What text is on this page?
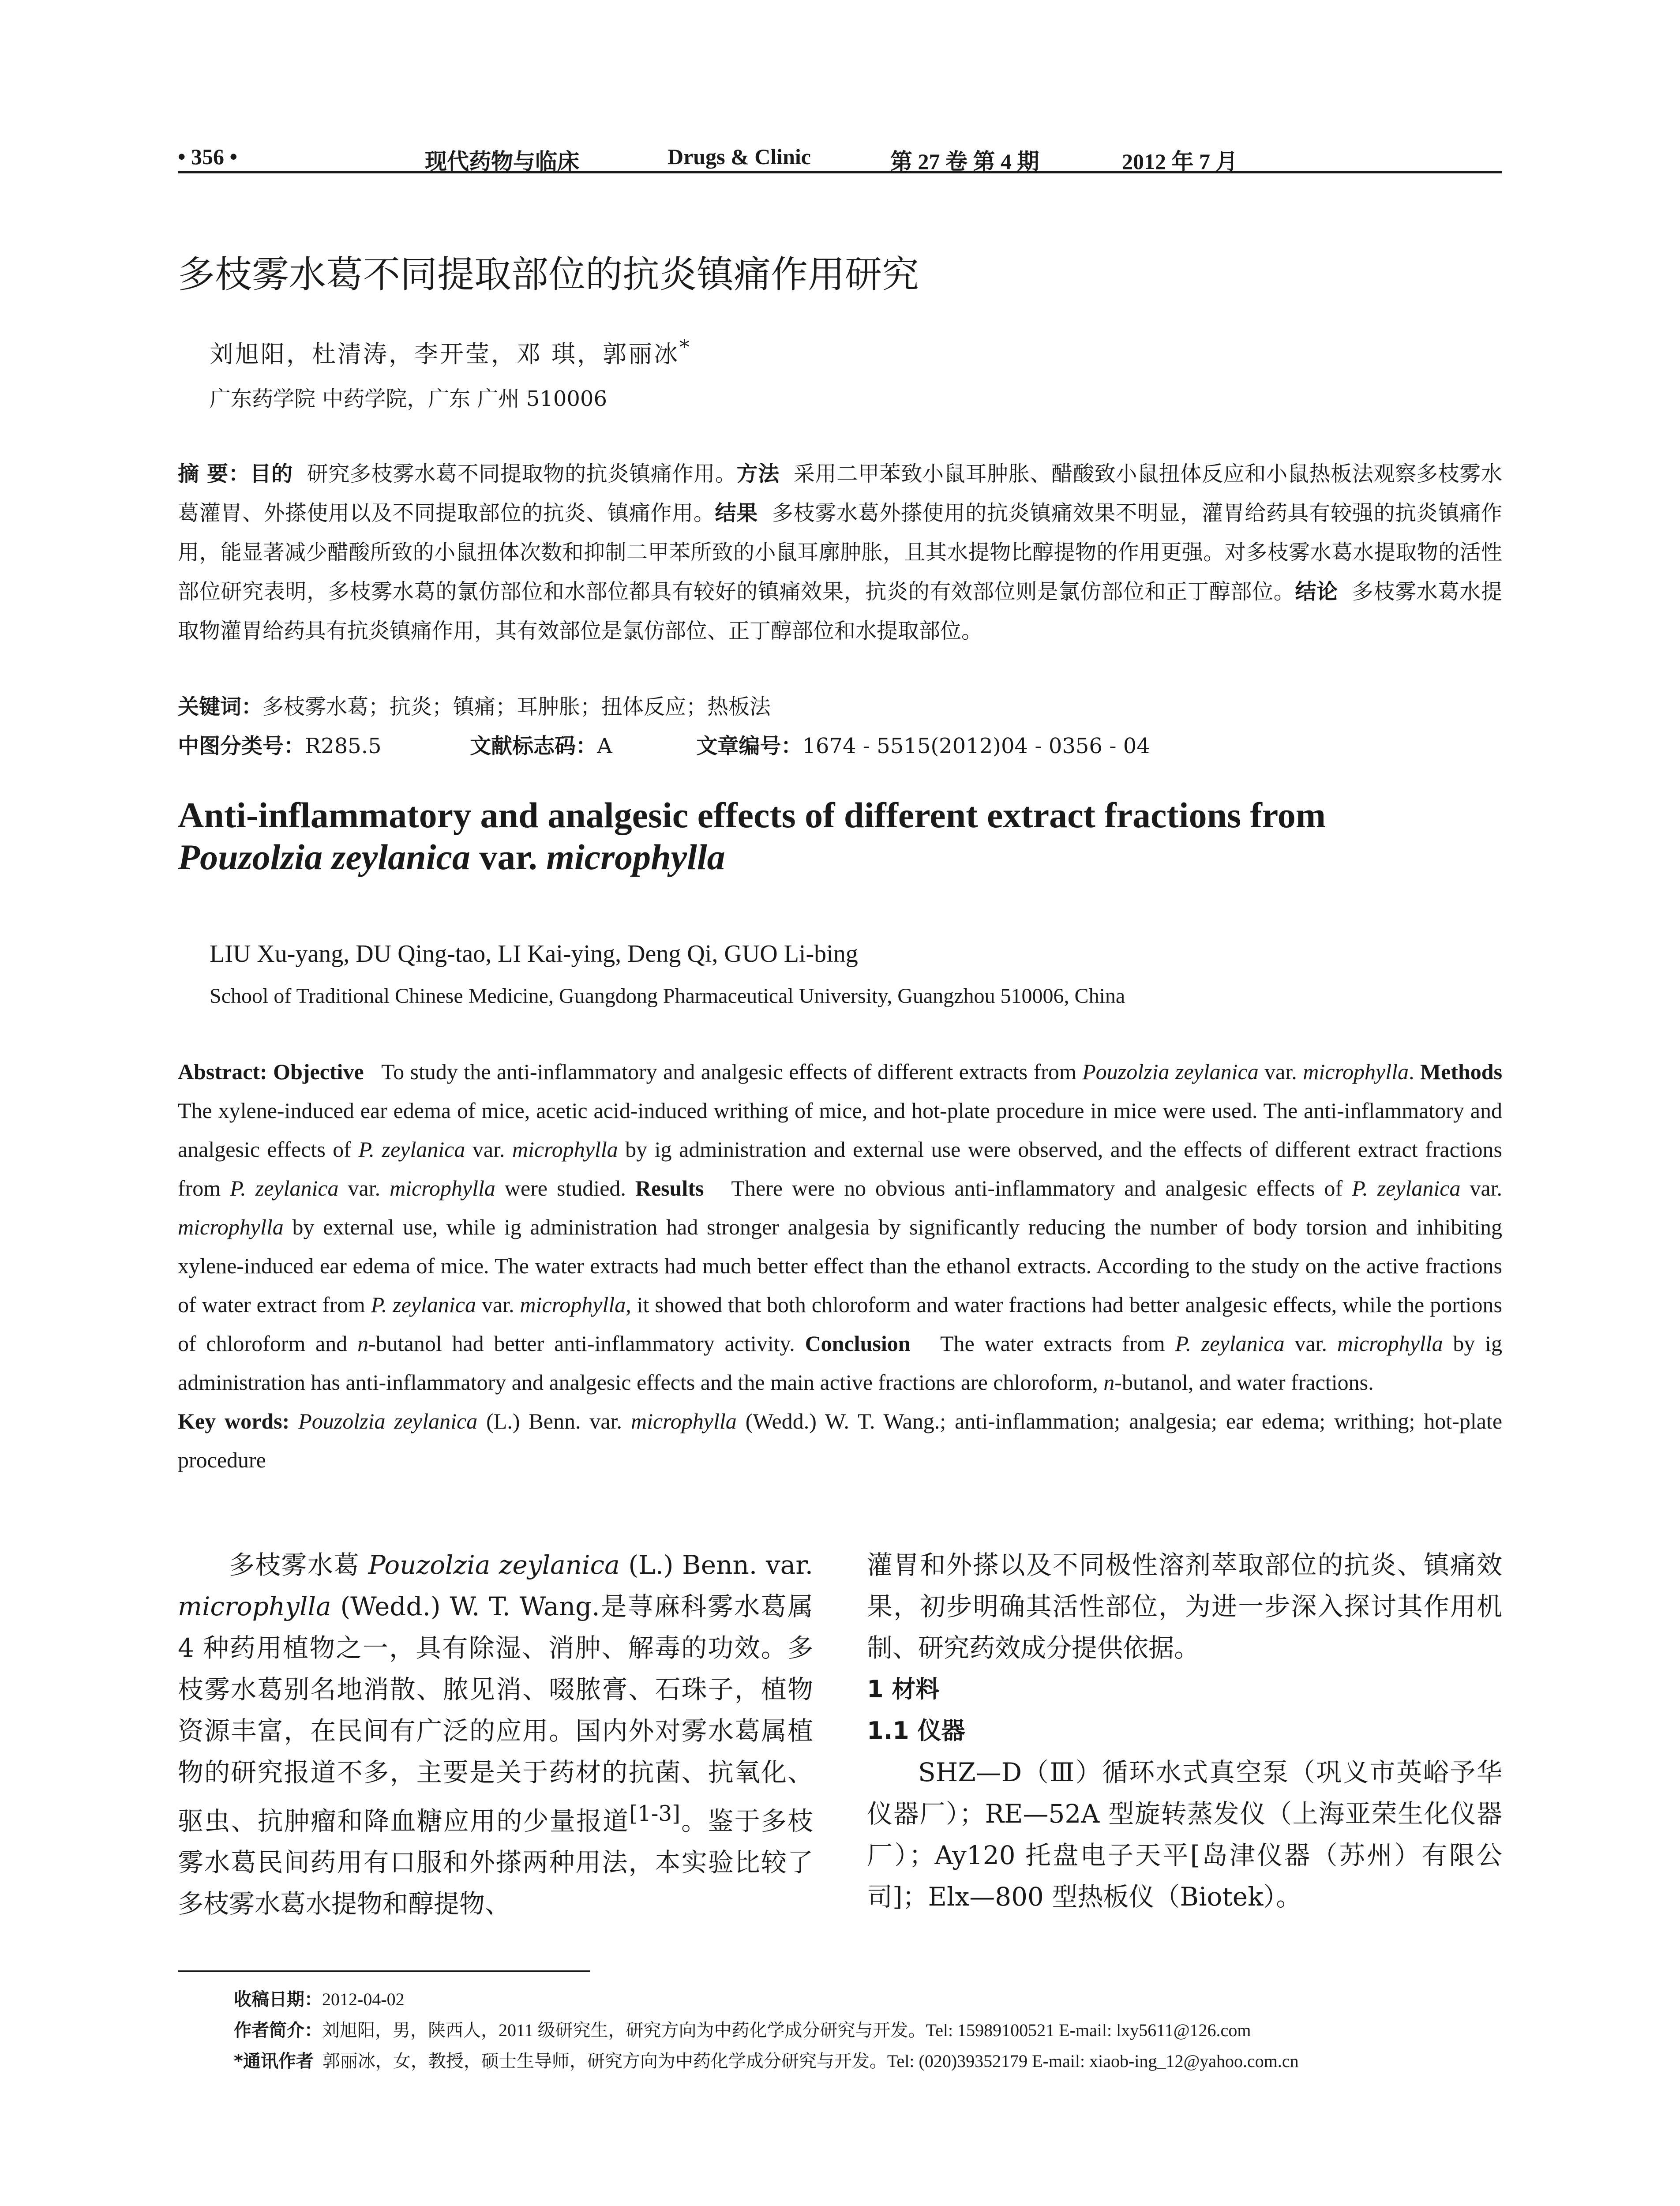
• 356 •	现代药物与临床	Drugs & Clinic	第 27 卷 第 4 期	2012 年 7 月
多枝雾水葛不同提取部位的抗炎镇痛作用研究
刘旭阳，杜清涛，李开莹，邓 琪，郭丽冰*
广东药学院 中药学院，广东 广州 510006
摘 要：目的 研究多枝雾水葛不同提取物的抗炎镇痛作用。方法 采用二甲苯致小鼠耳肿胀、醋酸致小鼠扭体反应和小鼠热板法观察多枝雾水葛灌胃、外搽使用以及不同提取部位的抗炎、镇痛作用。结果 多枝雾水葛外搽使用的抗炎镇痛效果不明显，灌胃给药具有较强的抗炎镇痛作用，能显著减少醋酸所致的小鼠扭体次数和抑制二甲苯所致的小鼠耳廓肿胀，且其水提物比醇提物的作用更强。对多枝雾水葛水提取物的活性部位研究表明，多枝雾水葛的氯仿部位和水部位都具有较好的镇痛效果，抗炎的有效部位则是氯仿部位和正丁醇部位。结论 多枝雾水葛水提取物灌胃给药具有抗炎镇痛作用，其有效部位是氯仿部位、正丁醇部位和水提取部位。
关键词：多枝雾水葛；抗炎；镇痛；耳肿胀；扭体反应；热板法
中图分类号：R285.5	文献标志码：A	文章编号：1674 - 5515(2012)04 - 0356 - 04
Anti-inflammatory and analgesic effects of different extract fractions from
Pouzolzia zeylanica var. microphylla
LIU Xu-yang, DU Qing-tao, LI Kai-ying, Deng Qi, GUO Li-bing
School of Traditional Chinese Medicine, Guangdong Pharmaceutical University, Guangzhou 510006, China
Abstract: Objective To study the anti-inflammatory and analgesic effects of different extracts from Pouzolzia zeylanica var. microphylla. Methods The xylene-induced ear edema of mice, acetic acid-induced writhing of mice, and hot-plate procedure in mice were used. The anti-inflammatory and analgesic effects of P. zeylanica var. microphylla by ig administration and external use were observed, and the effects of different extract fractions from P. zeylanica var. microphylla were studied. Results There were no obvious anti-inflammatory and analgesic effects of P. zeylanica var. microphylla by external use, while ig administration had stronger analgesia by significantly reducing the number of body torsion and inhibiting xylene-induced ear edema of mice. The water extracts had much better effect than the ethanol extracts. According to the study on the active fractions of water extract from P. zeylanica var. microphylla, it showed that both chloroform and water fractions had better analgesic effects, while the portions of chloroform and n-butanol had better anti-inflammatory activity. Conclusion The water extracts from P. zeylanica var. microphylla by ig administration has anti-inflammatory and analgesic effects and the main active fractions are chloroform, n-butanol, and water fractions.
Key words: Pouzolzia zeylanica (L.) Benn. var. microphylla (Wedd.) W. T. Wang.; anti-inflammation; analgesia; ear edema; writhing; hot-plate procedure

多枝雾水葛 Pouzolzia zeylanica (L.) Benn. var. microphylla (Wedd.) W. T. Wang.是荨麻科雾水葛属 4 种药用植物之一，具有除湿、消肿、解毒的功效。多枝雾水葛别名地消散、脓见消、啜脓膏、石珠子，植物资源丰富，在民间有广泛的应用。国内外对雾水葛属植物的研究报道不多，主要是关于药材的抗菌、抗氧化、驱虫、抗肿瘤和降血糖应用的少量报道[1-3]。鉴于多枝雾水葛民间药用有口服和外搽两种用法，本实验比较了多枝雾水葛水提物和醇提物、

灌胃和外搽以及不同极性溶剂萃取部位的抗炎、镇痛效果，初步明确其活性部位，为进一步深入探讨其作用机制、研究药效成分提供依据。

1 材料

1.1 仪器

SHZ—D（Ⅲ）循环水式真空泵（巩义市英峪予华仪器厂）；RE—52A 型旋转蒸发仪（上海亚荣生化仪器厂）；Ay120 托盘电子天平[岛津仪器（苏州）有限公司]；Elx—800 型热板仪（Biotek）。

收稿日期：2012-04-02
作者简介：刘旭阳，男，陕西人，2011 级研究生，研究方向为中药化学成分研究与开发。Tel: 15989100521 E-mail: lxy5611@126.com
*通讯作者 郭丽冰，女，教授，硕士生导师，研究方向为中药化学成分研究与开发。Tel: (020)39352179 E-mail: xiaob-ing_12@yahoo.com.cn
